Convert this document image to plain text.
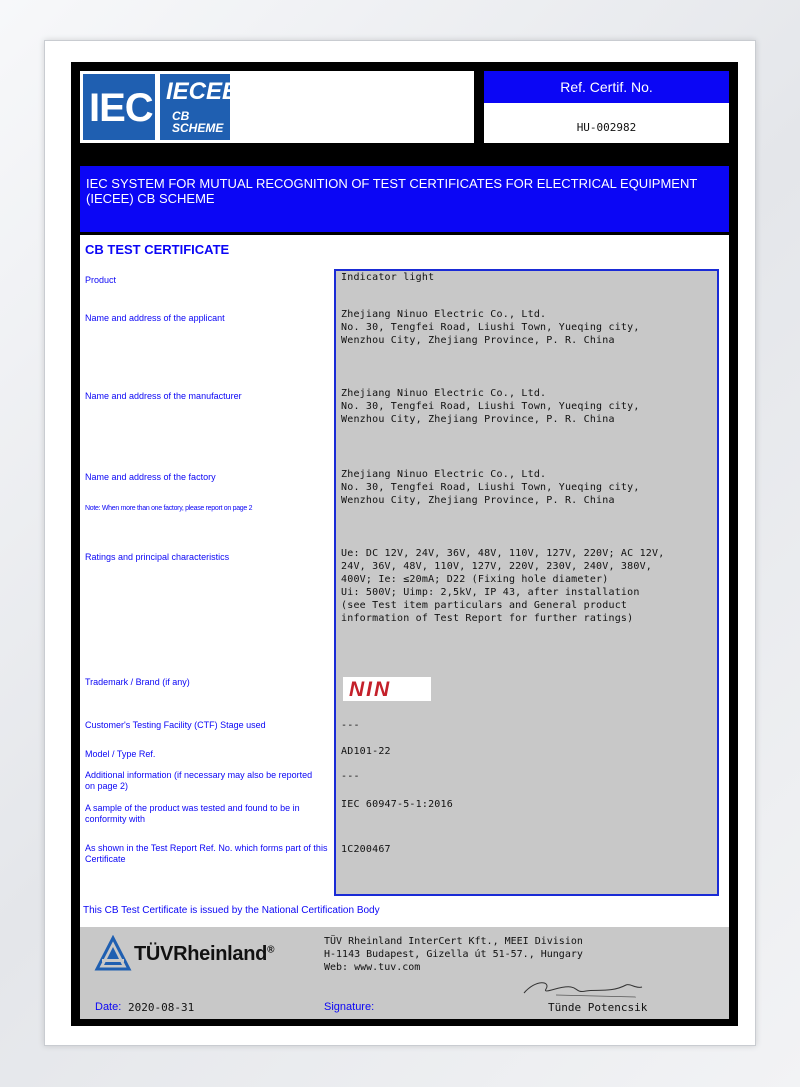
IEC IECEE
CB
SCHEME
Ref. Certif. No.
HU-002982
IEC SYSTEM FOR MUTUAL RECOGNITION OF TEST CERTIFICATES FOR ELECTRICAL EQUIPMENT (IECEE) CB SCHEME
CB TEST CERTIFICATE
Product
Name and address of the applicant
Name and address of the manufacturer
Name and address of the factory
Note: When more than one factory, please report on page 2
Ratings and principal characteristics
Trademark / Brand (if any)
Customer's Testing Facility (CTF) Stage used
Model / Type Ref.
Additional information (if necessary may also be reported on page 2)
A sample of the product was tested and found to be in conformity with
As shown in the Test Report Ref. No. which forms part of this Certificate
Indicator light
Zhejiang Ninuo Electric Co., Ltd.
No. 30, Tengfei Road, Liushi Town, Yueqing city,
Wenzhou City, Zhejiang Province, P. R. China
Zhejiang Ninuo Electric Co., Ltd.
No. 30, Tengfei Road, Liushi Town, Yueqing city,
Wenzhou City, Zhejiang Province, P. R. China
Zhejiang Ninuo Electric Co., Ltd.
No. 30, Tengfei Road, Liushi Town, Yueqing city,
Wenzhou City, Zhejiang Province, P. R. China
Ue: DC 12V, 24V, 36V, 48V, 110V, 127V, 220V; AC 12V,
24V, 36V, 48V, 110V, 127V, 220V, 230V, 240V, 380V,
400V; Ie: ≤20mA; D22 (Fixing hole diameter)
Ui: 500V; Uimp: 2,5kV, IP 43, after installation
(see Test item particulars and General product
information of Test Report for further ratings)
NIN
---
AD101-22
---
IEC 60947-5-1:2016
1C200467
This CB Test Certificate is issued by the National Certification Body
TÜVRheinland®
TÜV Rheinland InterCert Kft., MEEI Division
H-1143 Budapest, Gizella út 51-57., Hungary
Web: www.tuv.com
Date: 2020-08-31	Signature:	Tünde Potencsik
